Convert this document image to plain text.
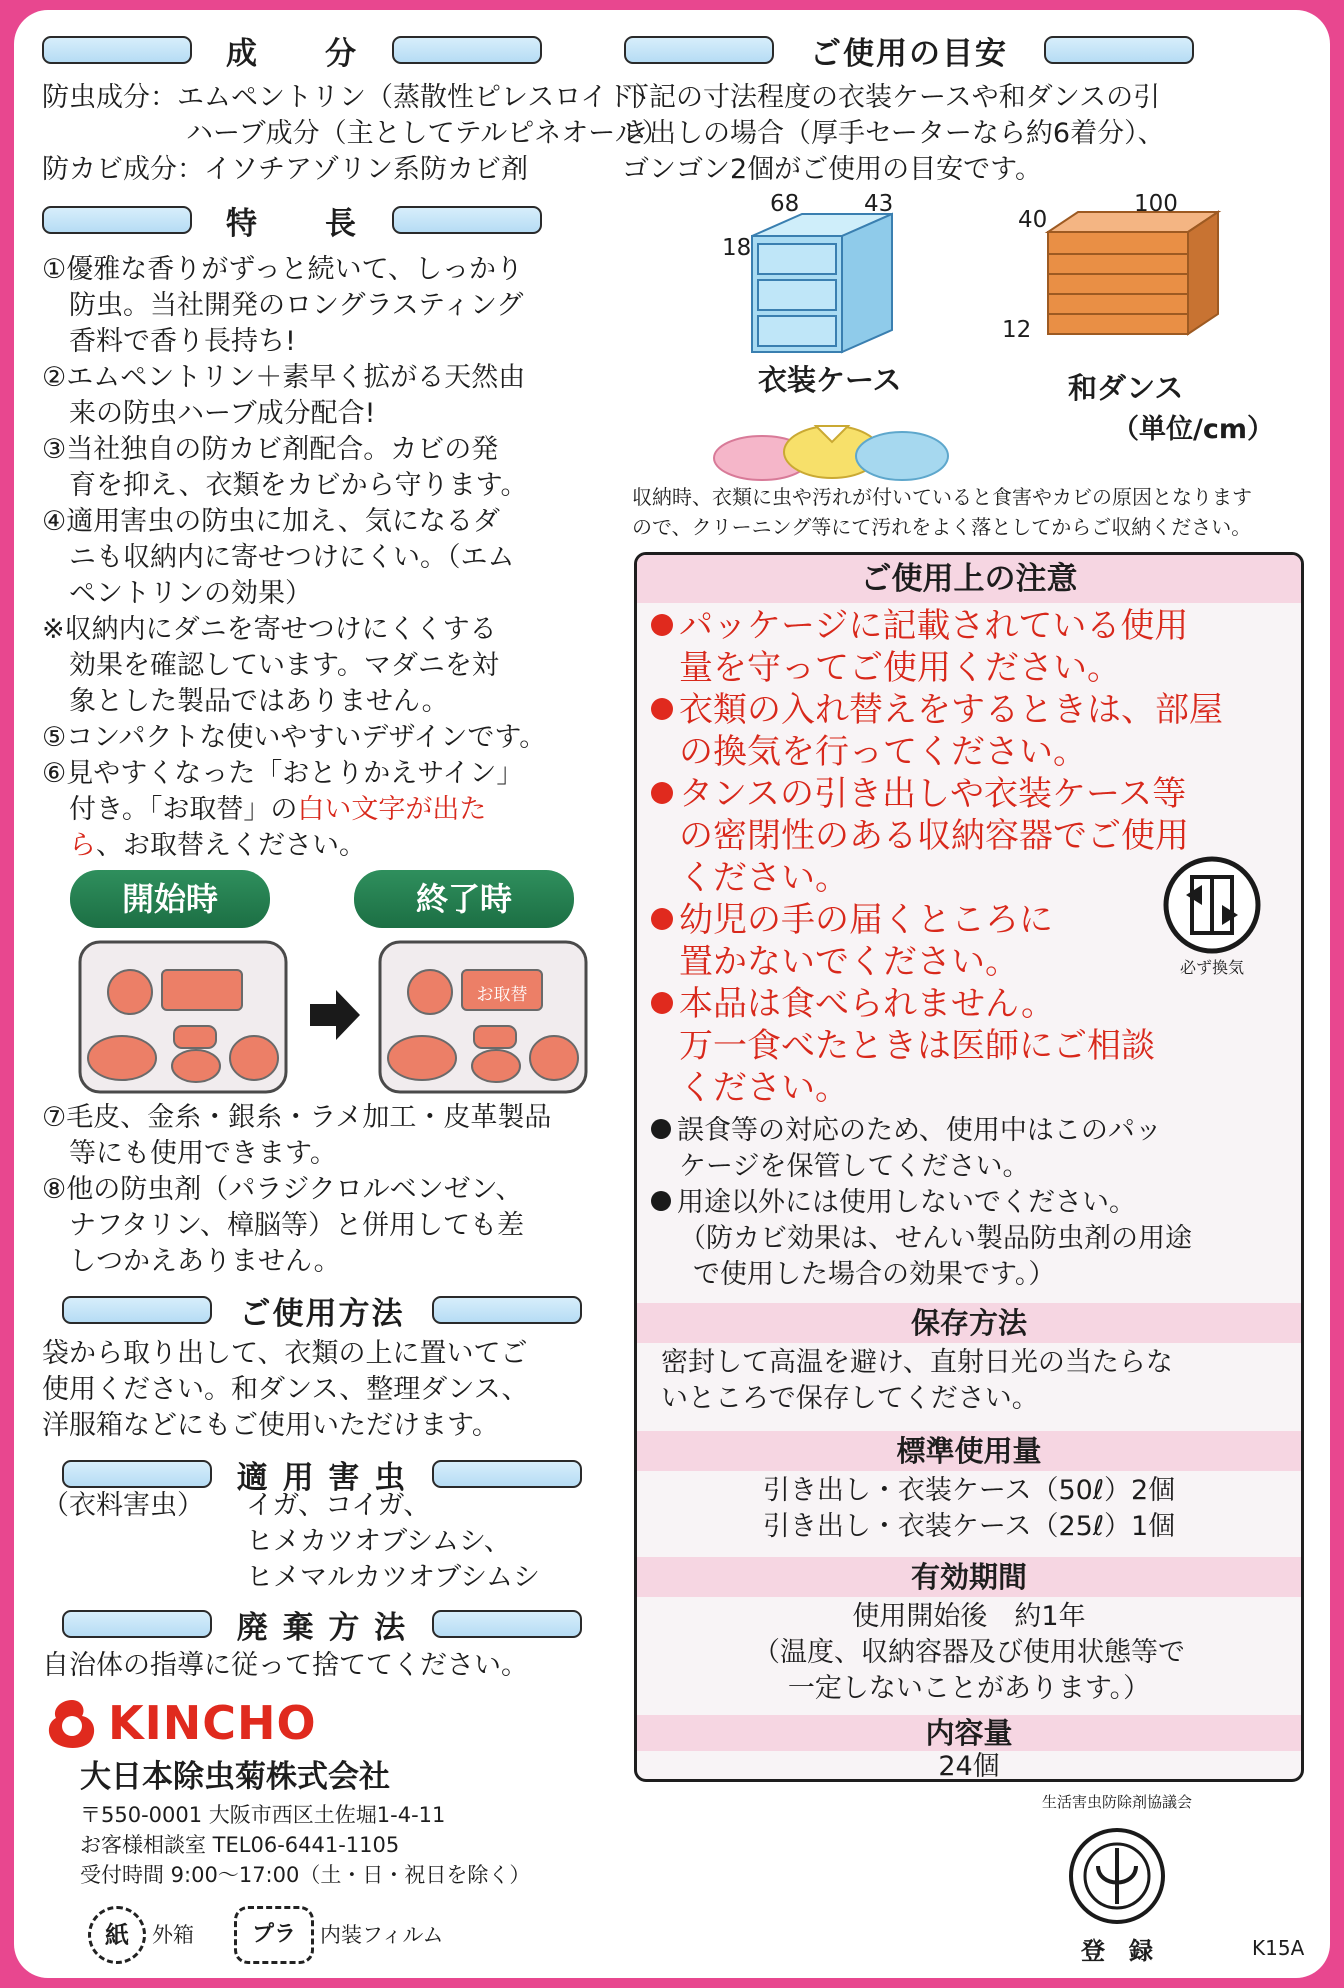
成　　分
防虫成分：エムペントリン（蒸散性ピレスロイド）
ハーブ成分（主としてテルピネオール）
防カビ成分：イソチアゾリン系防カビ剤
特　　長
①優雅な香りがずっと続いて、しっかり
　防虫。当社開発のロングラスティング
　香料で香り長持ち!
②エムペントリン＋素早く拡がる天然由
　来の防虫ハーブ成分配合!
③当社独自の防カビ剤配合。カビの発
　育を抑え、衣類をカビから守ります。
④適用害虫の防虫に加え、気になるダ
　ニも収納内に寄せつけにくい。（エム
　ペントリンの効果）
※収納内にダニを寄せつけにくくする
　効果を確認しています。マダニを対
　象とした製品ではありません。
⑤コンパクトな使いやすいデザインです。
⑥見やすくなった「おとりかえサイン」
　付き。「お取替」の白い文字が出た
　ら、お取替えください。
開始時	終了時
お取替
⑦毛皮、金糸・銀糸・ラメ加工・皮革製品
　等にも使用できます。
⑧他の防虫剤（パラジクロルベンゼン、
　ナフタリン、樟脳等）と併用しても差
　しつかえありません。
ご使用方法
袋から取り出して、衣類の上に置いてご
使用ください。和ダンス、整理ダンス、
洋服箱などにもご使用いただけます。
適 用 害 虫
（衣料害虫） イガ、コイガ、
ヒメカツオブシムシ、
ヒメマルカツオブシムシ
廃 棄 方 法
自治体の指導に従って捨ててください。
KINCHO
大日本除虫菊株式会社
〒550-0001 大阪市西区土佐堀1-4-11
お客様相談室 TEL06-6441-1105
受付時間 9:00～17:00（土・日・祝日を除く）
紙	外箱	プラ	内装フィルム
ご使用の目安
下記の寸法程度の衣装ケースや和ダンスの引
き出しの場合（厚手セーターなら約6着分）、
ゴンゴン2個がご使用の目安です。
68	43
18
衣装ケース
40
100
12
和ダンス
（単位/cm）
収納時、衣類に虫や汚れが付いていると食害やカビの原因となります
ので、クリーニング等にて汚れをよく落としてからご収納ください。
ご使用上の注意
パッケージに記載されている使用
量を守ってご使用ください。
衣類の入れ替えをするときは、部屋
の換気を行ってください。
タンスの引き出しや衣装ケース等
の密閉性のある収納容器でご使用
ください。
幼児の手の届くところに
置かないでください。
本品は食べられません。
万一食べたときは医師にご相談
ください。
必ず換気
誤食等の対応のため、使用中はこのパッ
ケージを保管してください。
用途以外には使用しないでください。
（防カビ効果は、せんい製品防虫剤の用途
で使用した場合の効果です。）
保存方法
密封して高温を避け、直射日光の当たらな
いところで保存してください。
標準使用量
引き出し・衣装ケース（50ℓ）2個
引き出し・衣装ケース（25ℓ）1個
有効期間
使用開始後　約1年
（温度、収納容器及び使用状態等で
一定しないことがあります。）
内容量
24個
生活害虫防除剤協議会
登　録	K15A
